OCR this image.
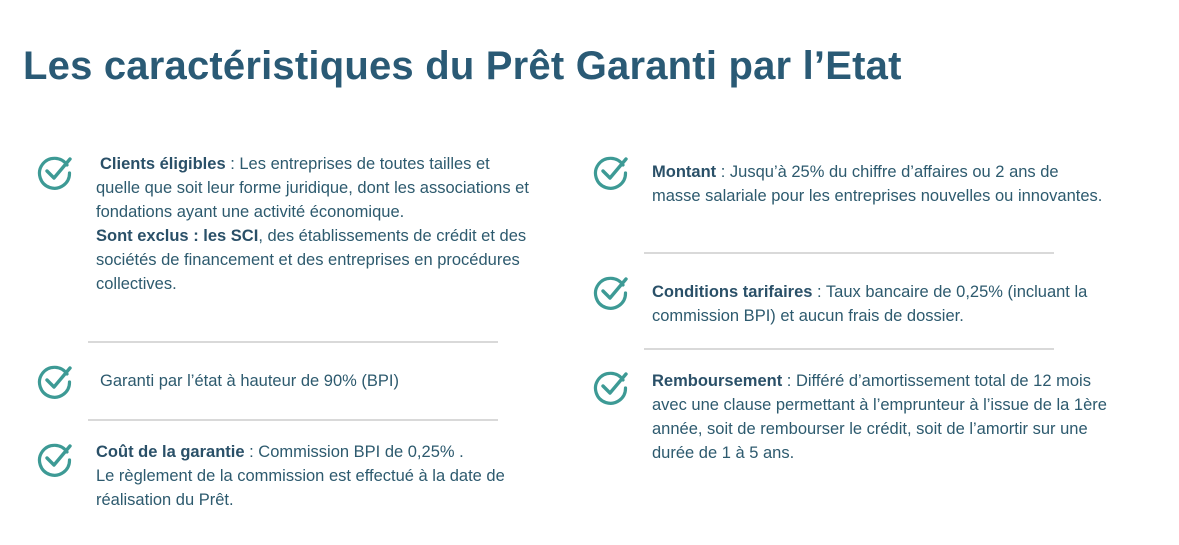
Les caractéristiques du Prêt Garanti par l’Etat
Clients éligibles : Les entreprises de toutes tailles et quelle que soit leur forme juridique, dont les associations et fondations ayant une activité économique.
Sont exclus : les SCI, des établissements de crédit et des sociétés de financement et des entreprises en procédures collectives.
Garanti par l’état à hauteur de 90% (BPI)
Coût de la garantie : Commission BPI de 0,25% .
Le règlement de la commission est effectué à la date de réalisation du Prêt.
Montant : Jusqu’à 25% du chiffre d’affaires ou 2 ans de masse salariale pour les entreprises nouvelles ou innovantes.
Conditions tarifaires : Taux bancaire de 0,25% (incluant la commission BPI) et aucun frais de dossier.
Remboursement : Différé d’amortissement total de 12 mois avec une clause permettant à l’emprunteur à l’issue de la 1ère année, soit de rembourser le crédit, soit de l’amortir sur une durée de 1 à 5 ans.
